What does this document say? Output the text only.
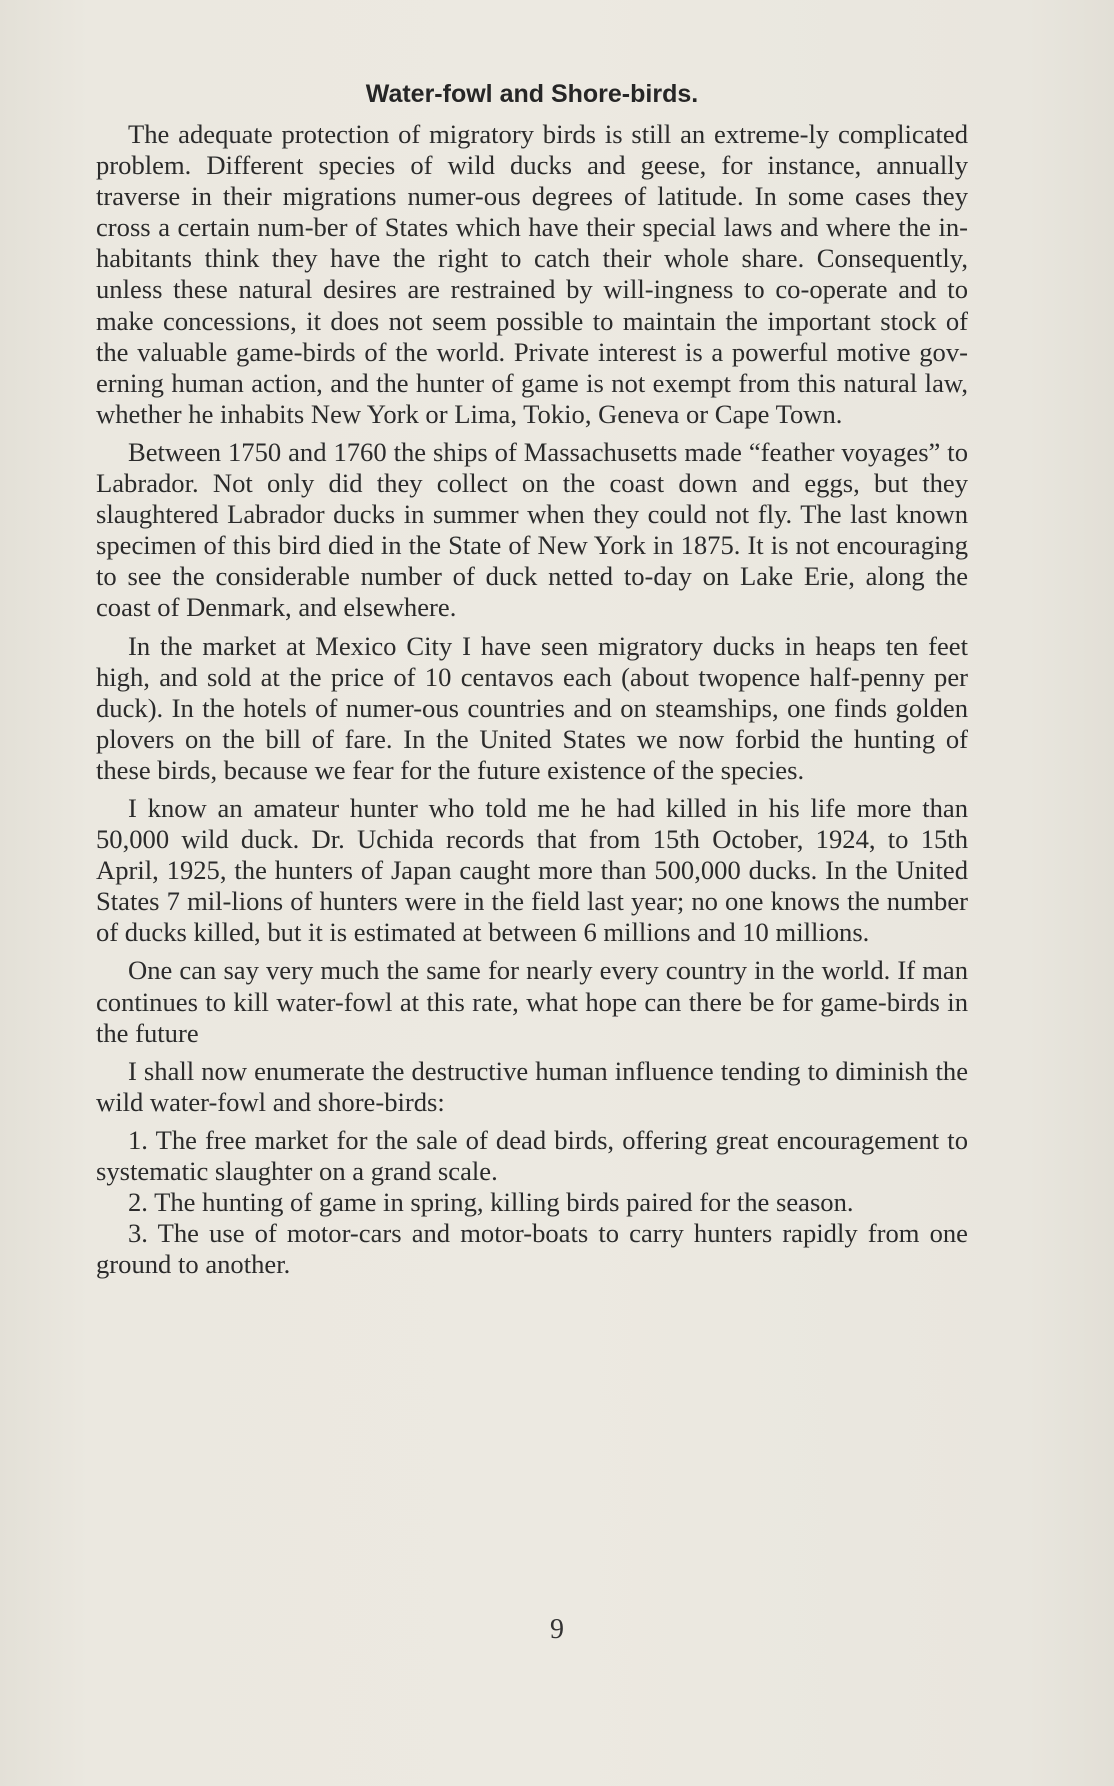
Water-fowl and Shore-birds.

The adequate protection of migratory birds is still an extreme-ly complicated problem. Different species of wild ducks and geese, for instance, annually traverse in their migrations numer-ous degrees of latitude. In some cases they cross a certain num-ber of States which have their special laws and where the in-habitants think they have the right to catch their whole share. Consequently, unless these natural desires are restrained by will-ingness to co-operate and to make concessions, it does not seem possible to maintain the important stock of the valuable game-birds of the world. Private interest is a powerful motive gov-erning human action, and the hunter of game is not exempt from this natural law, whether he inhabits New York or Lima, Tokio, Geneva or Cape Town.

Between 1750 and 1760 the ships of Massachusetts made “feather voyages” to Labrador. Not only did they collect on the coast down and eggs, but they slaughtered Labrador ducks in summer when they could not fly. The last known specimen of this bird died in the State of New York in 1875. It is not encouraging to see the considerable number of duck netted to-day on Lake Erie, along the coast of Denmark, and elsewhere.

In the market at Mexico City I have seen migratory ducks in heaps ten feet high, and sold at the price of 10 centavos each (about twopence half-penny per duck). In the hotels of numer-ous countries and on steamships, one finds golden plovers on the bill of fare. In the United States we now forbid the hunting of these birds, because we fear for the future existence of the species.

I know an amateur hunter who told me he had killed in his life more than 50,000 wild duck. Dr. Uchida records that from 15th October, 1924, to 15th April, 1925, the hunters of Japan caught more than 500,000 ducks. In the United States 7 mil-lions of hunters were in the field last year; no one knows the number of ducks killed, but it is estimated at between 6 millions and 10 millions.

One can say very much the same for nearly every country in the world. If man continues to kill water-fowl at this rate, what hope can there be for game-birds in the future

I shall now enumerate the destructive human influence tending to diminish the wild water-fowl and shore-birds:

1. The free market for the sale of dead birds, offering great encouragement to systematic slaughter on a grand scale.

2. The hunting of game in spring, killing birds paired for the season.

3. The use of motor-cars and motor-boats to carry hunters rapidly from one ground to another.

9
